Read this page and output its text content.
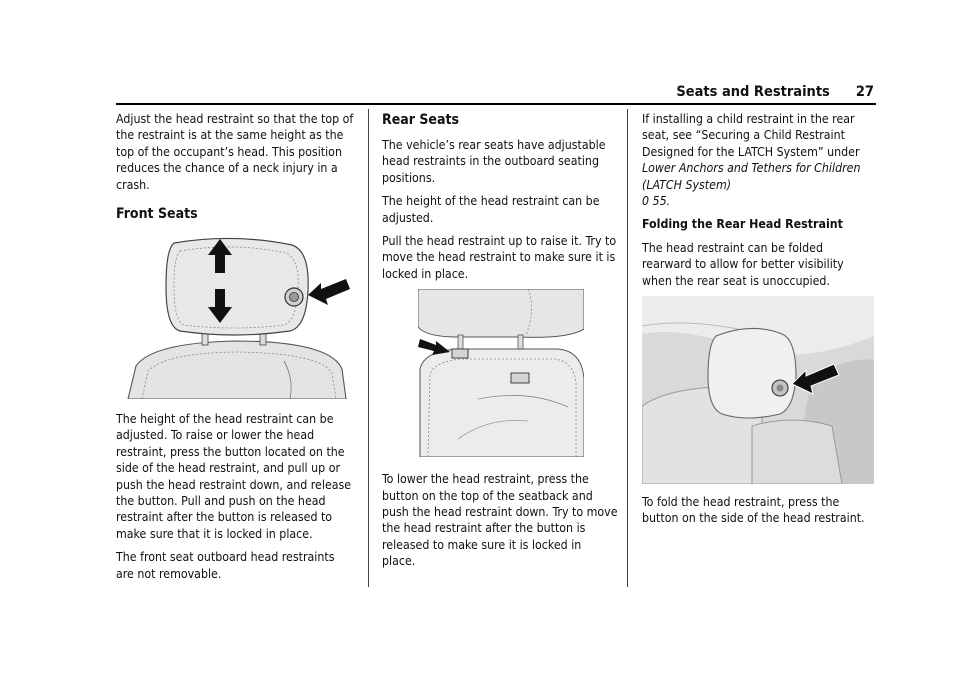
Seats and Restraints 27

Adjust the head restraint so that the top of the restraint is at the same height as the top of the occupant’s head. This position reduces the chance of a neck injury in a crash.

Front Seats

The height of the head restraint can be adjusted. To raise or lower the head restraint, press the button located on the side of the head restraint, and pull up or push the head restraint down, and release the button. Pull and push on the head restraint after the button is released to make sure that it is locked in place.

The front seat outboard head restraints are not removable.

Rear Seats

The vehicle’s rear seats have adjustable head restraints in the outboard seating positions.

The height of the head restraint can be adjusted.

Pull the head restraint up to raise it. Try to move the head restraint to make sure it is locked in place.

To lower the head restraint, press the button on the top of the seatback and push the head restraint down. Try to move the head restraint after the button is released to make sure it is locked in place.

If installing a child restraint in the rear seat, see “Securing a Child Restraint Designed for the LATCH System” under Lower Anchors and Tethers for Children (LATCH System)
0 55.

Folding the Rear Head Restraint

The head restraint can be folded rearward to allow for better visibility when the rear seat is unoccupied.

To fold the head restraint, press the button on the side of the head restraint.
